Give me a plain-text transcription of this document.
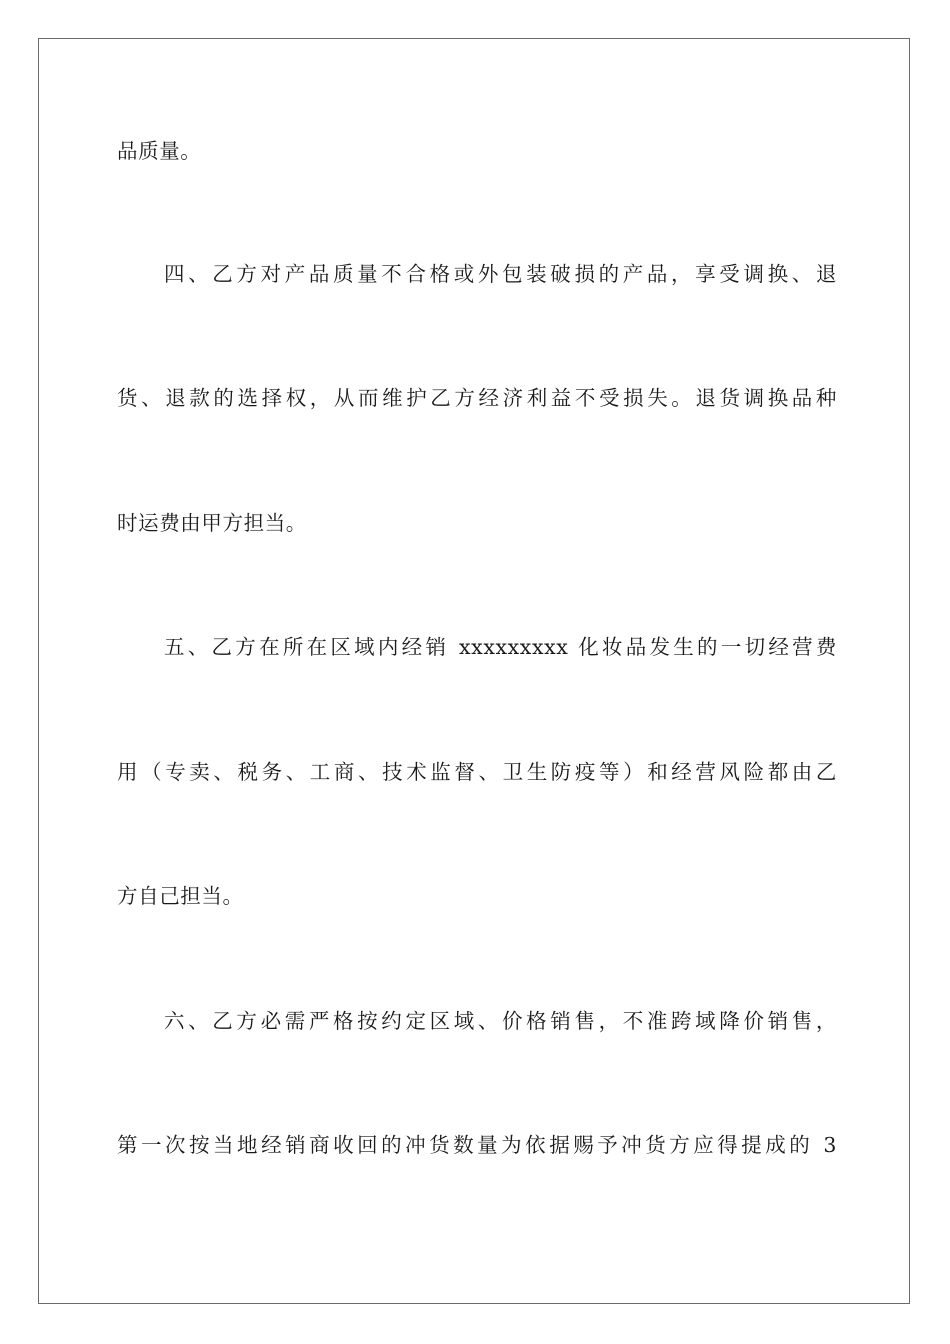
品质量。
四、乙方对产品质量不合格或外包装破损的产品，享受调换、退
货、退款的选择权，从而维护乙方经济利益不受损失。退货调换品种
时运费由甲方担当。
五、乙方在所在区域内经销 xxxxxxxxx 化妆品发生的一切经营费
用（专卖、税务、工商、技术监督、卫生防疫等）和经营风险都由乙
方自己担当。
六、乙方必需严格按约定区域、价格销售，不准跨域降价销售，
第一次按当地经销商收回的冲货数量为依据赐予冲货方应得提成的 3
